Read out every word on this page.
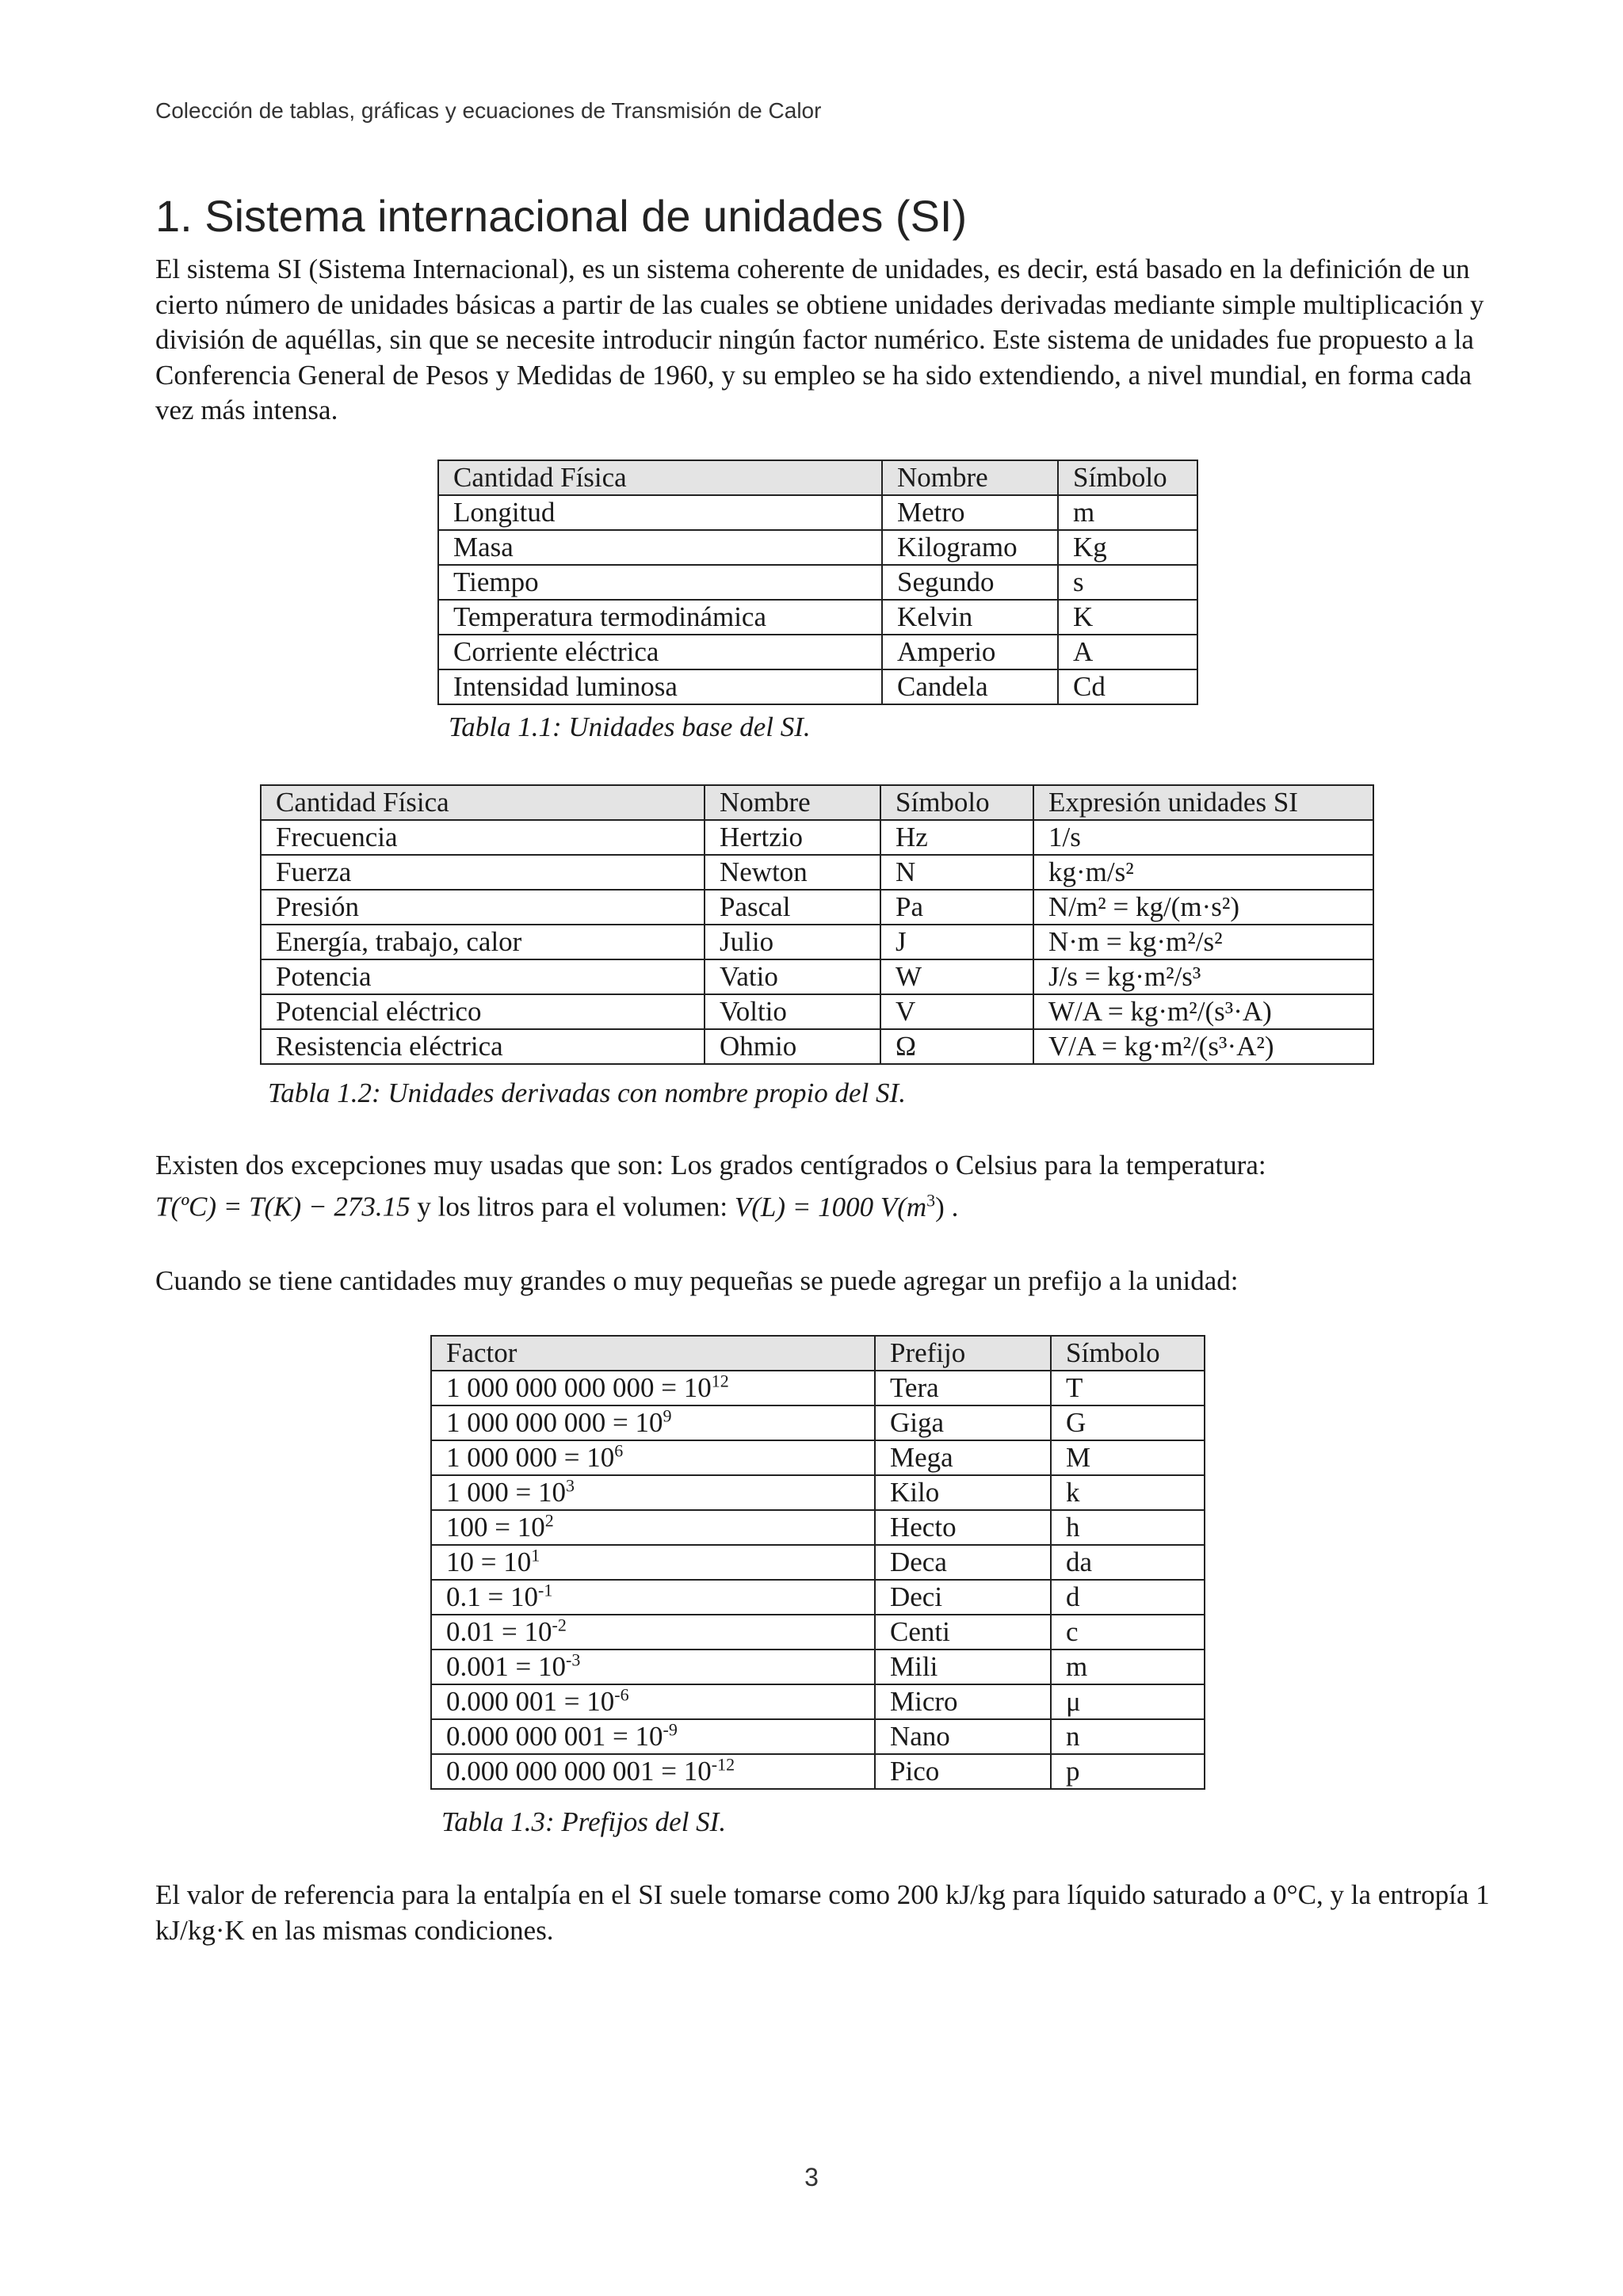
Colección de tablas, gráficas y ecuaciones de Transmisión de Calor
1. Sistema internacional de unidades (SI)

El sistema SI (Sistema Internacional), es un sistema coherente de unidades, es decir, está basado en la definición de un cierto número de unidades básicas a partir de las cuales se obtiene unidades derivadas mediante simple multiplicación y división de aquéllas, sin que se necesite introducir ningún factor numérico. Este sistema de unidades fue propuesto a la Conferencia General de Pesos y Medidas de 1960, y su empleo se ha sido extendiendo, a nivel mundial, en forma cada vez más intensa.

Cantidad Física	Nombre	Símbolo
Longitud	Metro	m
Masa	Kilogramo	Kg
Tiempo	Segundo	s
Temperatura termodinámica	Kelvin	K
Corriente eléctrica	Amperio	A
Intensidad luminosa	Candela	Cd
Tabla 1.1: Unidades base del SI.
Cantidad Física	Nombre	Símbolo	Expresión unidades SI
Frecuencia	Hertzio	Hz	1/s
Fuerza	Newton	N	kg·m/s²
Presión	Pascal	Pa	N/m² = kg/(m·s²)
Energía, trabajo, calor	Julio	J	N·m = kg·m²/s²
Potencia	Vatio	W	J/s = kg·m²/s³
Potencial eléctrico	Voltio	V	W/A = kg·m²/(s³·A)
Resistencia eléctrica	Ohmio	Ω	V/A = kg·m²/(s³·A²)
Tabla 1.2: Unidades derivadas con nombre propio del SI.

Existen dos excepciones muy usadas que son: Los grados centígrados o Celsius para la temperatura:

T(ºC) = T(K) − 273.15 y los litros para el volumen: V(L) = 1000 $V(m^3)$ .

Cuando se tiene cantidades muy grandes o muy pequeñas se puede agregar un prefijo a la unidad:

Factor	Prefijo	Símbolo
1 000 000 000 $000 = 10^{12}$	Tera	T
1 000 000 $000 = 10^9$	Giga	G
1 000 $000 = 10^6$	Mega	M
1 $000 = 10^3$	Kilo	k
$100 = 10^2$	Hecto	h
$10 = 10^1$	Deca	da
$0.1 = 10^{-1}$	Deci	d
$0.01 = 10^{-2}$	Centi	c
$0.001 = 10^{-3}$	Mili	m
0.000 $001 = 10^{-6}$	Micro	μ
0.000 000 $001 = 10^{-9}$	Nano	n
0.000 000 000 $001 = 10^{-12}$	Pico	p
Tabla 1.3: Prefijos del SI.

El valor de referencia para la entalpía en el SI suele tomarse como 200 kJ/kg para líquido saturado a 0°C, y la entropía 1 kJ/kg·K en las mismas condiciones.

3
